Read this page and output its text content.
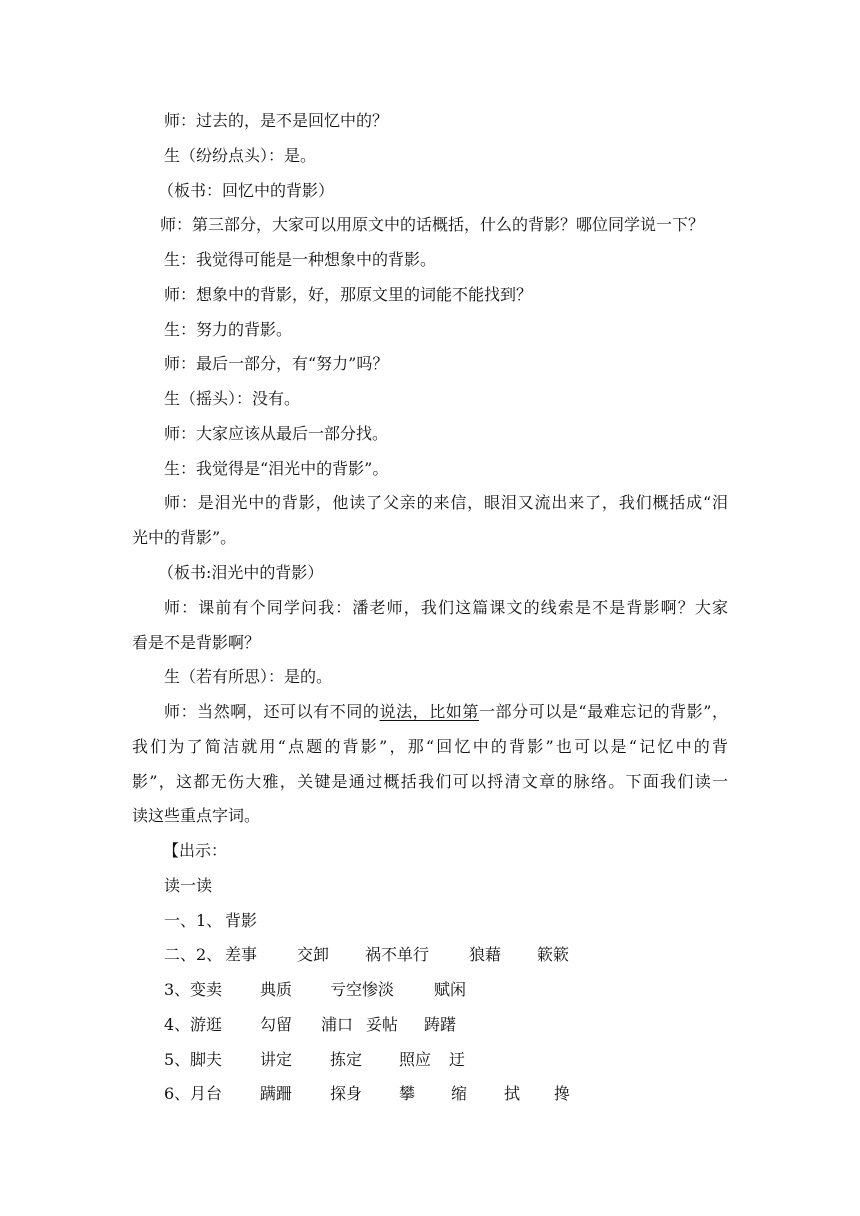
师：过去的，是不是回忆中的？
生（纷纷点头）：是。
（板书：回忆中的背影）
师：第三部分，大家可以用原文中的话概括，什么的背影？哪位同学说一下？
生：我觉得可能是一种想象中的背影。
师：想象中的背影，好，那原文里的词能不能找到？
生：努力的背影。
师：最后一部分，有“努力”吗？
生（摇头）：没有。
师：大家应该从最后一部分找。
生：我觉得是“泪光中的背影”。
师：是泪光中的背影，他读了父亲的来信，眼泪又流出来了，我们概括成“泪
光中的背影”。
（板书:泪光中的背影）
师：课前有个同学问我：潘老师，我们这篇课文的线索是不是背影啊？大家
看是不是背影啊？
生（若有所思）：是的。
师：当然啊，还可以有不同的说法，比如第一部分可以是“最难忘记的背影”，
我们为了简洁就用“点题的背影”，那“回忆中的背影”也可以是“记忆中的背
影”，这都无伤大雅，关键是通过概括我们可以捋清文章的脉络。下面我们读一
读这些重点字词。
【出示：
读一读
一、1、 背影
二、2、 差事 交卸 祸不单行 狼藉 簌簌
3、 变卖 典质 亏空惨淡 赋闲
4、 游逛 勾留 浦口 妥帖 踌躇
5、 脚夫 讲定 拣定 照应 迂
6、 月台 蹒跚 探身 攀 缩 拭 搀
